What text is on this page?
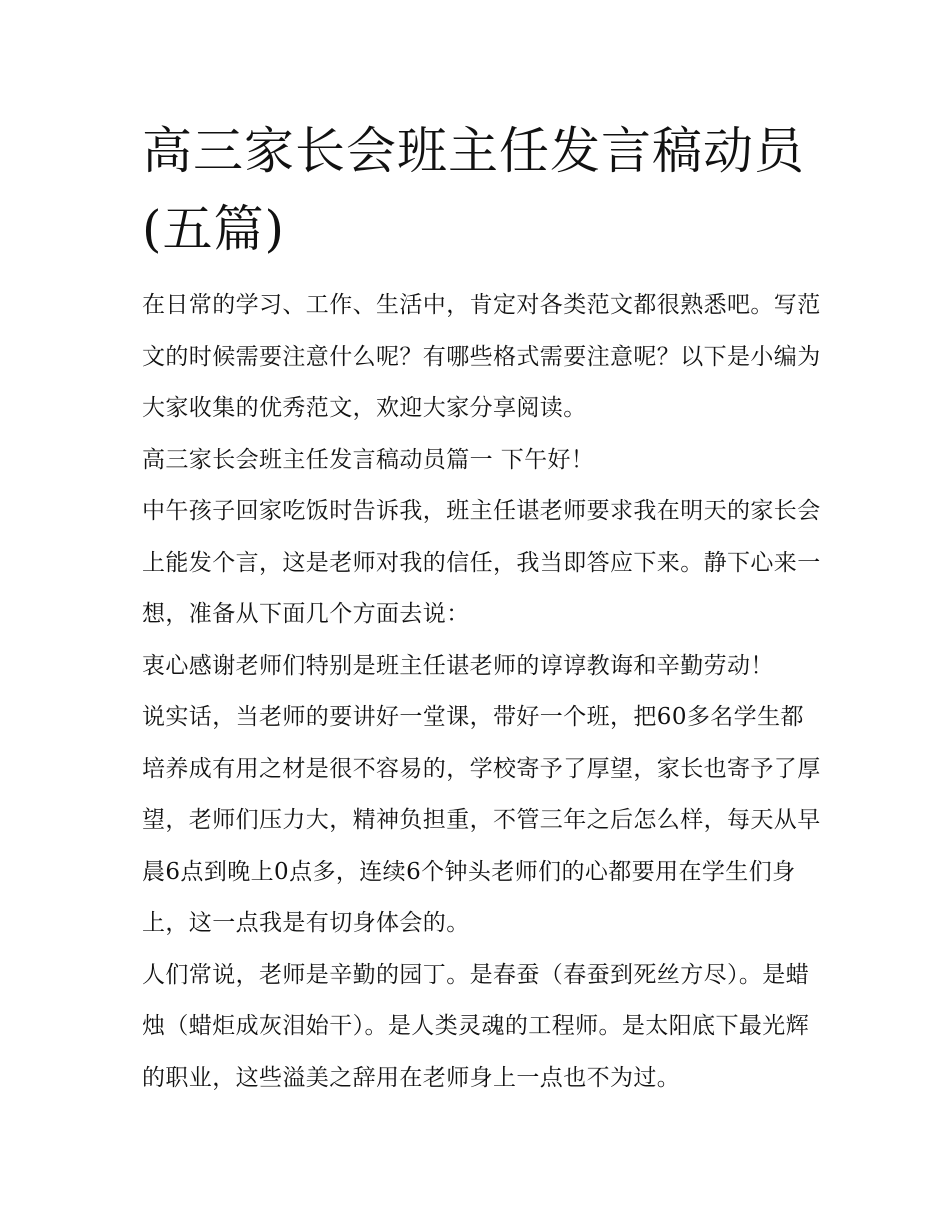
高三家长会班主任发言稿动员(五篇)

在日常的学习、工作、生活中，肯定对各类范文都很熟悉吧。写范文的时候需要注意什么呢？有哪些格式需要注意呢？以下是小编为大家收集的优秀范文，欢迎大家分享阅读。

高三家长会班主任发言稿动员篇一 下午好！

中午孩子回家吃饭时告诉我，班主任谌老师要求我在明天的家长会上能发个言，这是老师对我的信任，我当即答应下来。静下心来一想，准备从下面几个方面去说：

衷心感谢老师们特别是班主任谌老师的谆谆教诲和辛勤劳动！

说实话，当老师的要讲好一堂课，带好一个班，把60多名学生都培养成有用之材是很不容易的，学校寄予了厚望，家长也寄予了厚望，老师们压力大，精神负担重，不管三年之后怎么样，每天从早晨6点到晚上0点多，连续6个钟头老师们的心都要用在学生们身上，这一点我是有切身体会的。

人们常说，老师是辛勤的园丁。是春蚕（春蚕到死丝方尽）。是蜡烛（蜡炬成灰泪始干）。是人类灵魂的工程师。是太阳底下最光辉的职业，这些溢美之辞用在老师身上一点也不为过。
